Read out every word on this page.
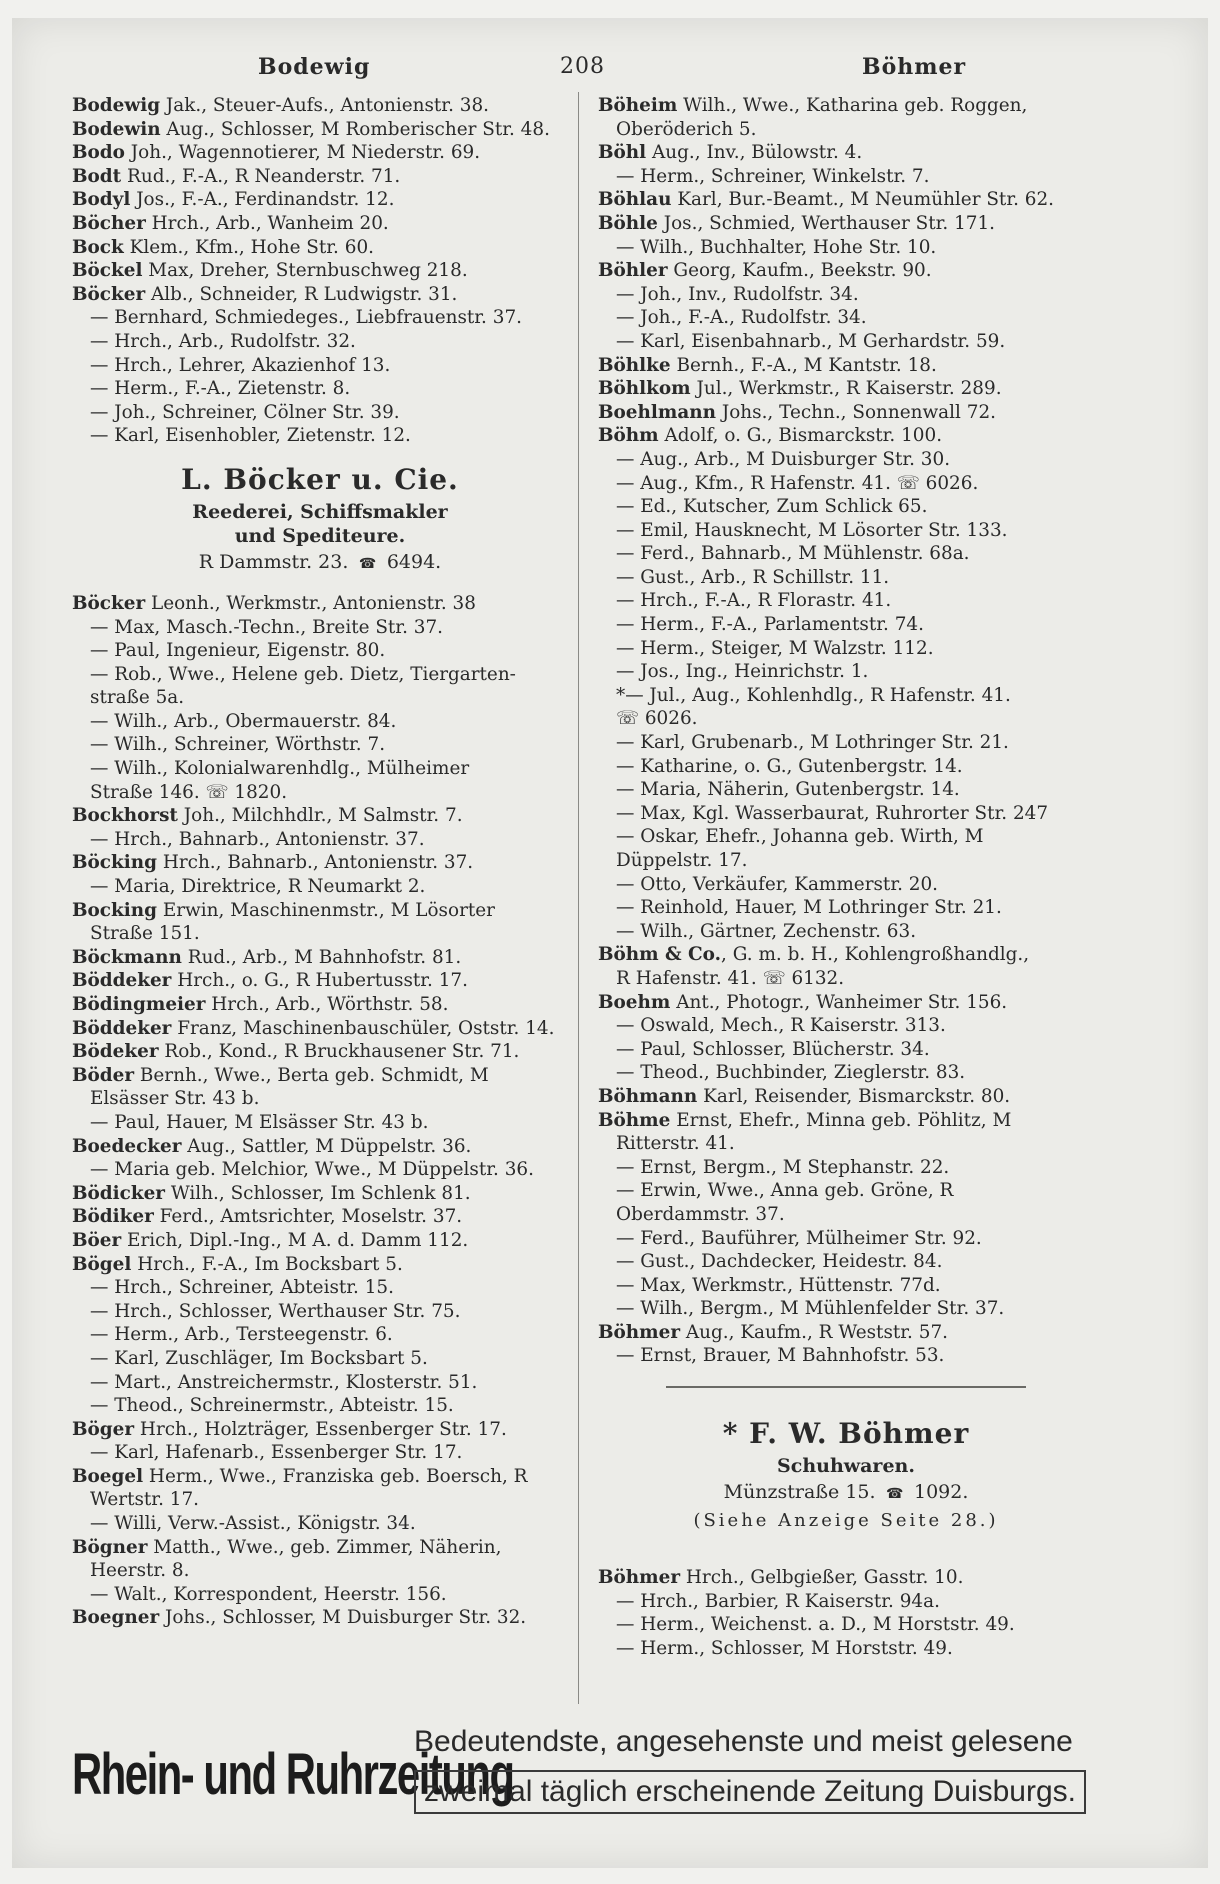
Bodewig	208	Böhmer
Bodewig Jak., Steuer-Aufs., Antonienstr. 38.
Bodewin Aug., Schlosser, M Romberischer Str. 48.
Bodo Joh., Wagennotierer, M Niederstr. 69.
Bodt Rud., F.-A., R Neanderstr. 71.
Bodyl Jos., F.-A., Ferdinandstr. 12.
Böcher Hrch., Arb., Wanheim 20.
Bock Klem., Kfm., Hohe Str. 60.
Böckel Max, Dreher, Sternbuschweg 218.
Böcker Alb., Schneider, R Ludwigstr. 31.
— Bernhard, Schmiedeges., Liebfrauenstr. 37.
— Hrch., Arb., Rudolfstr. 32.
— Hrch., Lehrer, Akazienhof 13.
— Herm., F.-A., Zietenstr. 8.
— Joh., Schreiner, Cölner Str. 39.
— Karl, Eisenhobler, Zietenstr. 12.
L. Böcker u. Cie.
Reederei, Schiffsmakler
und Spediteure.
R Dammstr. 23.  ☎  6494.
Böcker Leonh., Werkmstr., Antonienstr. 38
— Max, Masch.-Techn., Breite Str. 37.
— Paul, Ingenieur, Eigenstr. 80.
— Rob., Wwe., Helene geb. Dietz, Tiergarten-
straße 5a.
— Wilh., Arb., Obermauerstr. 84.
— Wilh., Schreiner, Wörthstr. 7.
— Wilh., Kolonialwarenhdlg., Mülheimer
Straße 146. ☏ 1820.
Bockhorst Joh., Milchhdlr., M Salmstr. 7.
— Hrch., Bahnarb., Antonienstr. 37.
Böcking Hrch., Bahnarb., Antonienstr. 37.
— Maria, Direktrice, R Neumarkt 2.
Bocking Erwin, Maschinenmstr., M Lösorter
Straße 151.
Böckmann Rud., Arb., M Bahnhofstr. 81.
Böddeker Hrch., o. G., R Hubertusstr. 17.
Bödingmeier Hrch., Arb., Wörthstr. 58.
Böddeker Franz, Maschinenbauschüler, Oststr. 14.
Bödeker Rob., Kond., R Bruckhausener Str. 71.
Böder Bernh., Wwe., Berta geb. Schmidt, M
Elsässer Str. 43 b.
— Paul, Hauer, M Elsässer Str. 43 b.
Boedecker Aug., Sattler, M Düppelstr. 36.
— Maria geb. Melchior, Wwe., M Düppelstr. 36.
Bödicker Wilh., Schlosser, Im Schlenk 81.
Bödiker Ferd., Amtsrichter, Moselstr. 37.
Böer Erich, Dipl.-Ing., M A. d. Damm 112.
Bögel Hrch., F.-A., Im Bocksbart 5.
— Hrch., Schreiner, Abteistr. 15.
— Hrch., Schlosser, Werthauser Str. 75.
— Herm., Arb., Tersteegenstr. 6.
— Karl, Zuschläger, Im Bocksbart 5.
— Mart., Anstreichermstr., Klosterstr. 51.
— Theod., Schreinermstr., Abteistr. 15.
Böger Hrch., Holzträger, Essenberger Str. 17.
— Karl, Hafenarb., Essenberger Str. 17.
Boegel Herm., Wwe., Franziska geb. Boersch, R
Wertstr. 17.
— Willi, Verw.-Assist., Königstr. 34.
Bögner Matth., Wwe., geb. Zimmer, Näherin,
Heerstr. 8.
— Walt., Korrespondent, Heerstr. 156.
Boegner Johs., Schlosser, M Duisburger Str. 32.
Böheim Wilh., Wwe., Katharina geb. Roggen,
Oberöderich 5.
Böhl Aug., Inv., Bülowstr. 4.
— Herm., Schreiner, Winkelstr. 7.
Böhlau Karl, Bur.-Beamt., M Neumühler Str. 62.
Böhle Jos., Schmied, Werthauser Str. 171.
— Wilh., Buchhalter, Hohe Str. 10.
Böhler Georg, Kaufm., Beekstr. 90.
— Joh., Inv., Rudolfstr. 34.
— Joh., F.-A., Rudolfstr. 34.
— Karl, Eisenbahnarb., M Gerhardstr. 59.
Böhlke Bernh., F.-A., M Kantstr. 18.
Böhlkom Jul., Werkmstr., R Kaiserstr. 289.
Boehlmann Johs., Techn., Sonnenwall 72.
Böhm Adolf, o. G., Bismarckstr. 100.
— Aug., Arb., M Duisburger Str. 30.
— Aug., Kfm., R Hafenstr. 41. ☏ 6026.
— Ed., Kutscher, Zum Schlick 65.
— Emil, Hausknecht, M Lösorter Str. 133.
— Ferd., Bahnarb., M Mühlenstr. 68a.
— Gust., Arb., R Schillstr. 11.
— Hrch., F.-A., R Florastr. 41.
— Herm., F.-A., Parlamentstr. 74.
— Herm., Steiger, M Walzstr. 112.
— Jos., Ing., Heinrichstr. 1.
*— Jul., Aug., Kohlenhdlg., R Hafenstr. 41.
☏ 6026.
— Karl, Grubenarb., M Lothringer Str. 21.
— Katharine, o. G., Gutenbergstr. 14.
— Maria, Näherin, Gutenbergstr. 14.
— Max, Kgl. Wasserbaurat, Ruhrorter Str. 247
— Oskar, Ehefr., Johanna geb. Wirth, M
Düppelstr. 17.
— Otto, Verkäufer, Kammerstr. 20.
— Reinhold, Hauer, M Lothringer Str. 21.
— Wilh., Gärtner, Zechenstr. 63.
Böhm & Co., G. m. b. H., Kohlengroßhandlg.,
R Hafenstr. 41. ☏ 6132.
Boehm Ant., Photogr., Wanheimer Str. 156.
— Oswald, Mech., R Kaiserstr. 313.
— Paul, Schlosser, Blücherstr. 34.
— Theod., Buchbinder, Zieglerstr. 83.
Böhmann Karl, Reisender, Bismarckstr. 80.
Böhme Ernst, Ehefr., Minna geb. Pöhlitz, M
Ritterstr. 41.
— Ernst, Bergm., M Stephanstr. 22.
— Erwin, Wwe., Anna geb. Gröne, R
Oberdammstr. 37.
— Ferd., Bauführer, Mülheimer Str. 92.
— Gust., Dachdecker, Heidestr. 84.
— Max, Werkmstr., Hüttenstr. 77d.
— Wilh., Bergm., M Mühlenfelder Str. 37.
Böhmer Aug., Kaufm., R Weststr. 57.
— Ernst, Brauer, M Bahnhofstr. 53.
* F. W. Böhmer
Schuhwaren.
Münzstraße 15.  ☎  1092.
(Siehe Anzeige Seite 28.)
Böhmer Hrch., Gelbgießer, Gasstr. 10.
— Hrch., Barbier, R Kaiserstr. 94a.
— Herm., Weichenst. a. D., M Horststr. 49.
— Herm., Schlosser, M Horststr. 49.
Rhein- und Ruhrzeitung
Bedeutendste, angesehenste und meist gelesene
zweimal täglich erscheinende Zeitung Duisburgs.
